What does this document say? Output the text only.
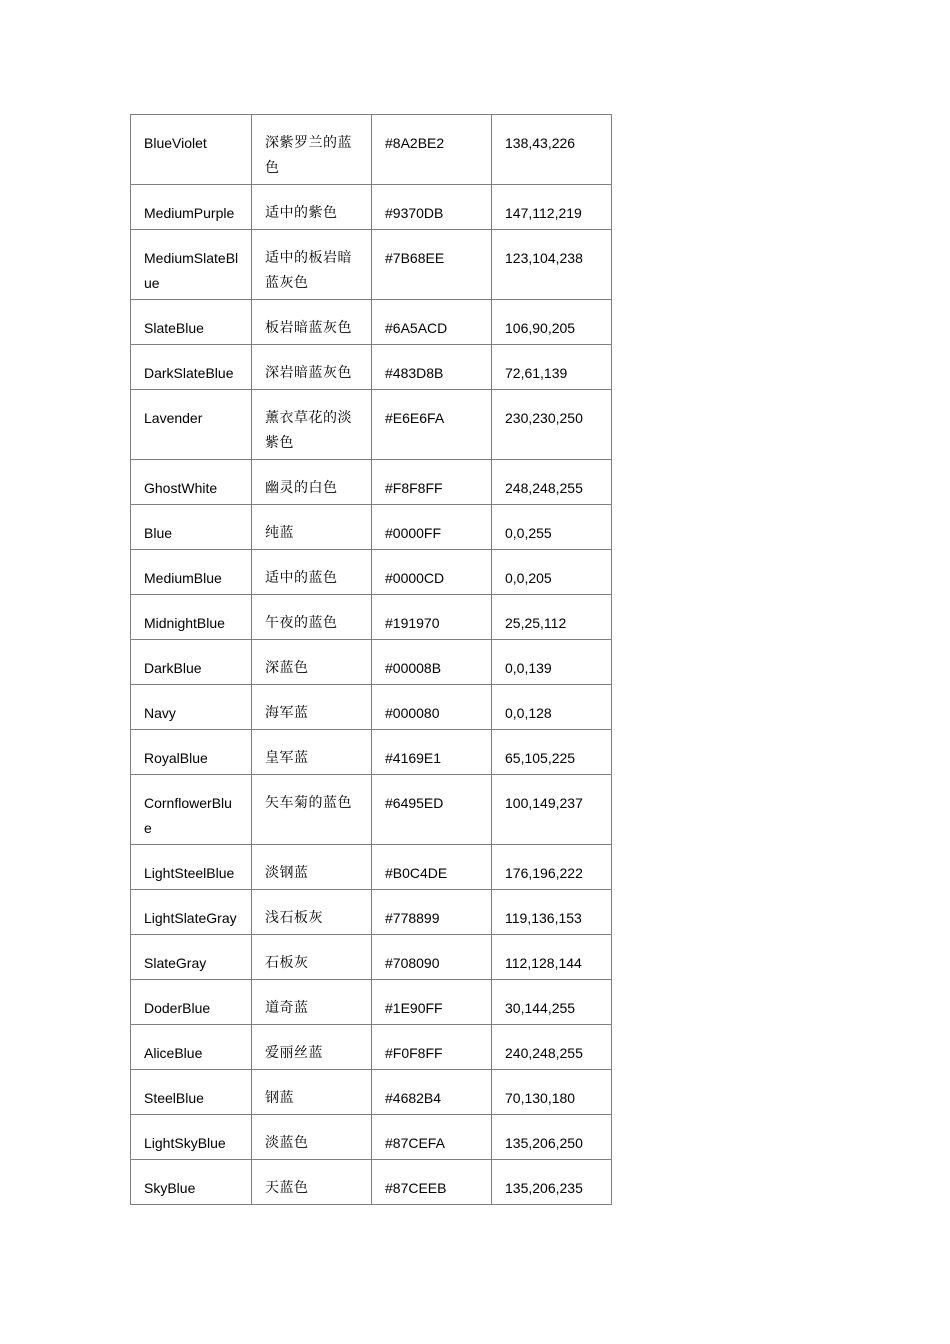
BlueViolet	深紫罗兰的蓝色	#8A2BE2	138,43,226
MediumPurple	适中的紫色	#9370DB	147,112,219
MediumSlateBlue	适中的板岩暗蓝灰色	#7B68EE	123,104,238
SlateBlue	板岩暗蓝灰色	#6A5ACD	106,90,205
DarkSlateBlue	深岩暗蓝灰色	#483D8B	72,61,139
Lavender	薰衣草花的淡紫色	#E6E6FA	230,230,250
GhostWhite	幽灵的白色	#F8F8FF	248,248,255
Blue	纯蓝	#0000FF	0,0,255
MediumBlue	适中的蓝色	#0000CD	0,0,205
MidnightBlue	午夜的蓝色	#191970	25,25,112
DarkBlue	深蓝色	#00008B	0,0,139
Navy	海军蓝	#000080	0,0,128
RoyalBlue	皇军蓝	#4169E1	65,105,225
CornflowerBlue	矢车菊的蓝色	#6495ED	100,149,237
LightSteelBlue	淡钢蓝	#B0C4DE	176,196,222
LightSlateGray	浅石板灰	#778899	119,136,153
SlateGray	石板灰	#708090	112,128,144
DoderBlue	道奇蓝	#1E90FF	30,144,255
AliceBlue	爱丽丝蓝	#F0F8FF	240,248,255
SteelBlue	钢蓝	#4682B4	70,130,180
LightSkyBlue	淡蓝色	#87CEFA	135,206,250
SkyBlue	天蓝色	#87CEEB	135,206,235
